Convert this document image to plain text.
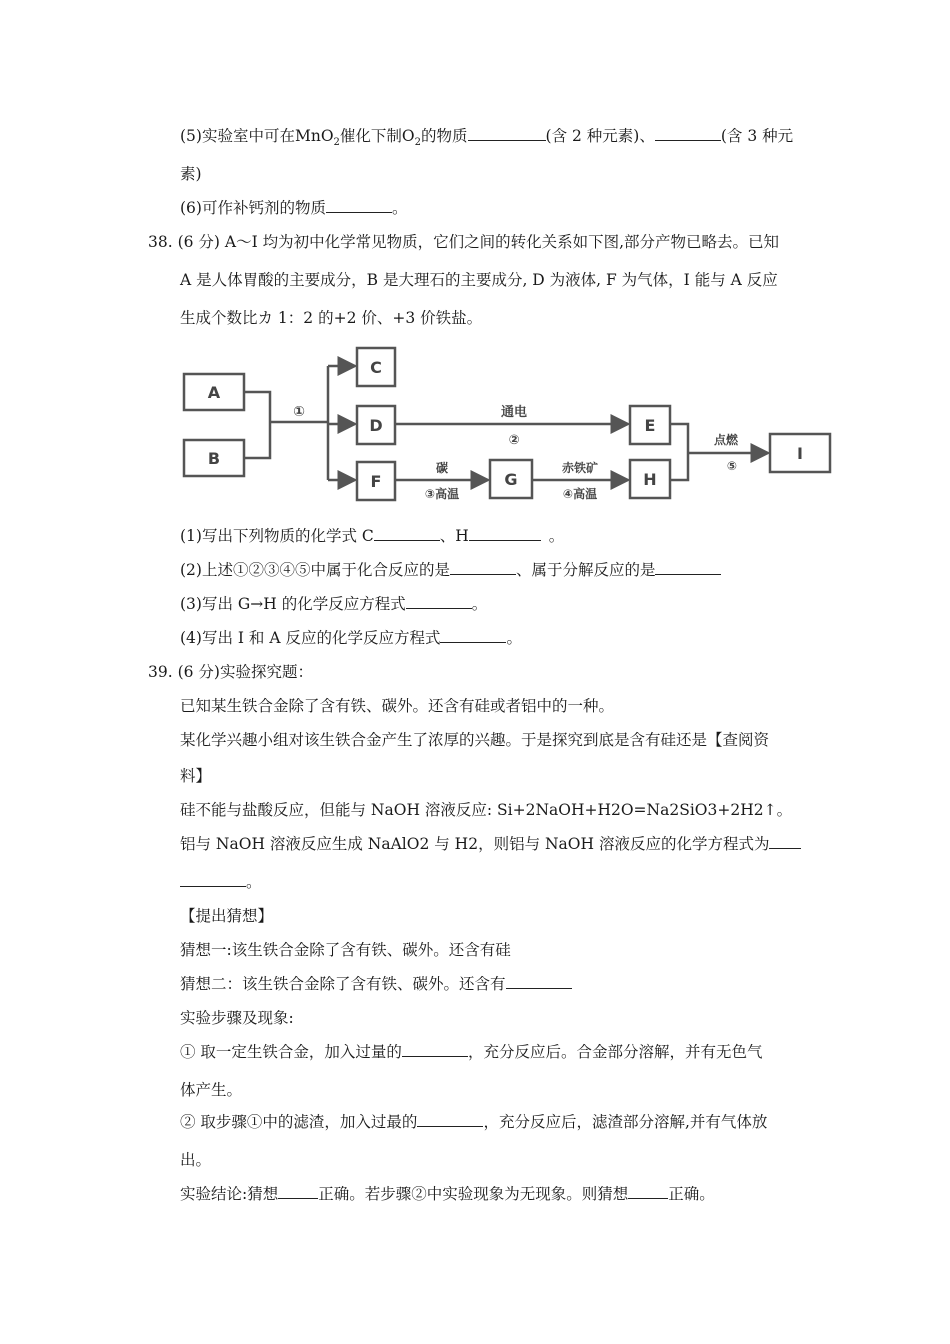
(5)实验室中可在MnO$_2$催化下制$O_2$的物质	(含 2 种元素)、	(含 3 种元
素)
(6)可作补钙剂的物质	。
38. (6 分) A～I 均为初中化学常见物质，它们之间的转化关系如下图,部分产物已略去。已知
A 是人体胃酸的主要成分，B 是大理石的主要成分, D 为液体, F 为气体，I 能与 A 反应
生成个数比カ 1：2 的+2 价、+3 价铁盐。
A
B
C
D
F	G
E
H
I
①	通电
②
碳
③高温
赤铁矿
④高温
点燃
⑤
(1)写出下列物质的化学式 C	、H	。
(2)上述①②③④⑤中属于化合反应的是	、属于分解反应的是
(3)写出 G→H 的化学反应方程式	。
(4)写出 I 和 A 反应的化学反应方程式	。
39. (6 分)实验探究题：
已知某生铁合金除了含有铁、碳外。还含有硅或者铝中的一种。
某化学兴趣小组对该生铁合金产生了浓厚的兴趣。于是探究到底是含有硅还是【查阅资
料】
硅不能与盐酸反应，但能与 NaOH 溶液反应: Si+2NaOH+H2O=Na2SiO3+2H2↑。
铝与 NaOH 溶液反应生成 NaAlO2 与 H2，则铝与 NaOH 溶液反应的化学方程式为
。
【提出猜想】
猜想一:该生铁合金除了含有铁、碳外。还含有硅
猜想二：该生铁合金除了含有铁、碳外。还含有
实验步骤及现象:
① 取一定生铁合金，加入过量的	，充分反应后。合金部分溶解，并有无色气
体产生。
② 取步骤①中的滤渣，加入过最的	，充分反应后，滤渣部分溶解,并有气体放
出。
实验结论:猜想	正确。若步骤②中实验现象为无现象。则猜想	正确。
